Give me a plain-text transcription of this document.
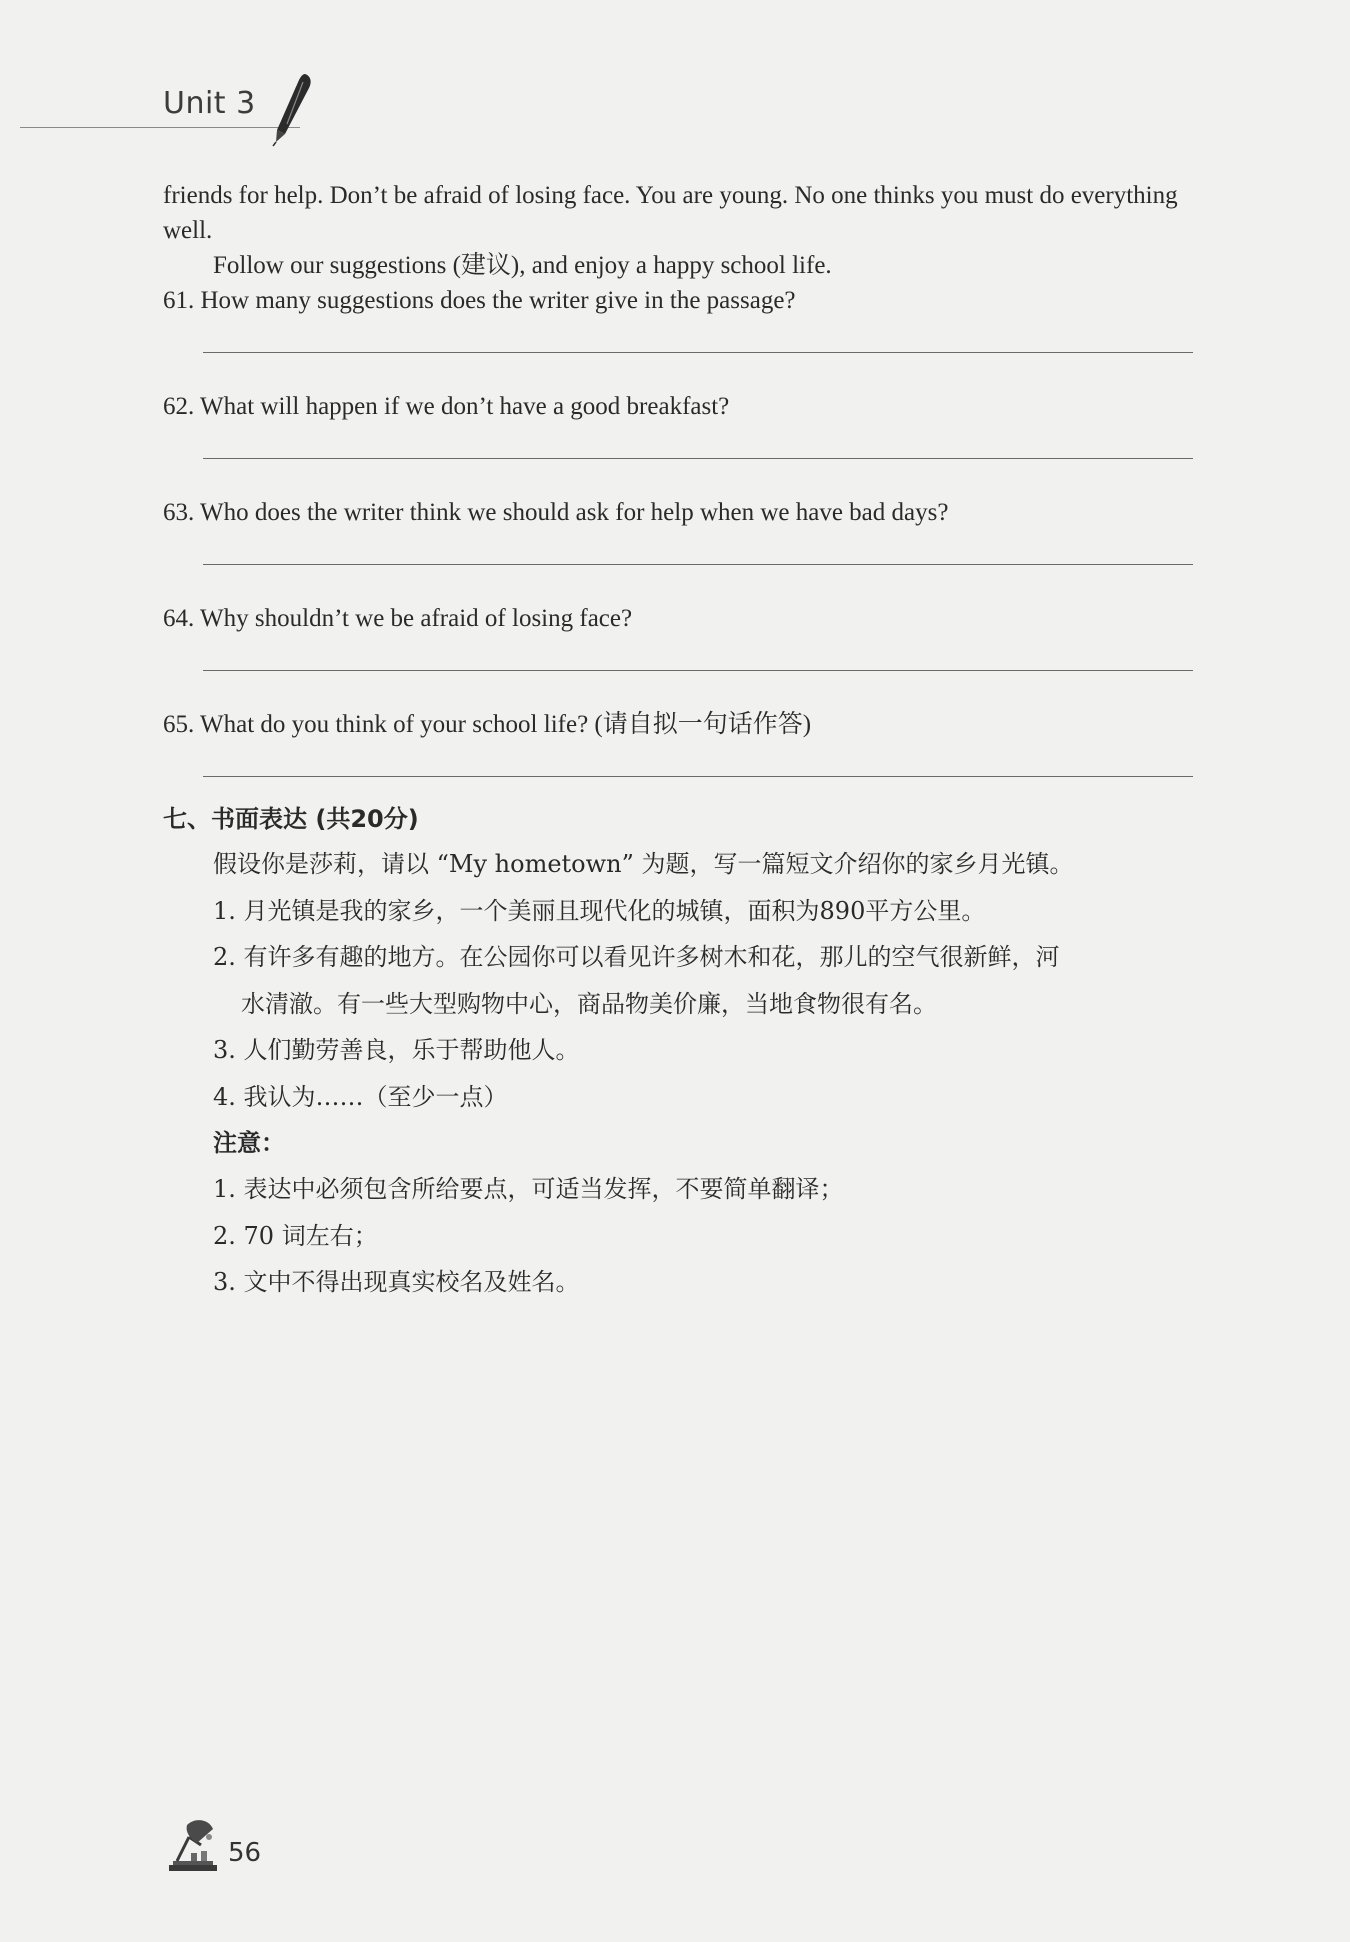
Unit 3

friends for help. Don’t be afraid of losing face. You are young. No one thinks you must do everything well.

Follow our suggestions (建议), and enjoy a happy school life.

61. How many suggestions does the writer give in the passage?

62. What will happen if we don’t have a good breakfast?

63. Who does the writer think we should ask for help when we have bad days?

64. Why shouldn’t we be afraid of losing face?

65. What do you think of your school life? (请自拟一句话作答)

七、书面表达 (共20分)

假设你是莎莉，请以 “My hometown” 为题，写一篇短文介绍你的家乡月光镇。

1. 月光镇是我的家乡，一个美丽且现代化的城镇，面积为890平方公里。

2. 有许多有趣的地方。在公园你可以看见许多树木和花，那儿的空气很新鲜，河

水清澈。有一些大型购物中心，商品物美价廉，当地食物很有名。

3. 人们勤劳善良，乐于帮助他人。

4. 我认为……（至少一点）

注意：

1. 表达中必须包含所给要点，可适当发挥，不要简单翻译；

2. 70 词左右；

3. 文中不得出现真实校名及姓名。

56
